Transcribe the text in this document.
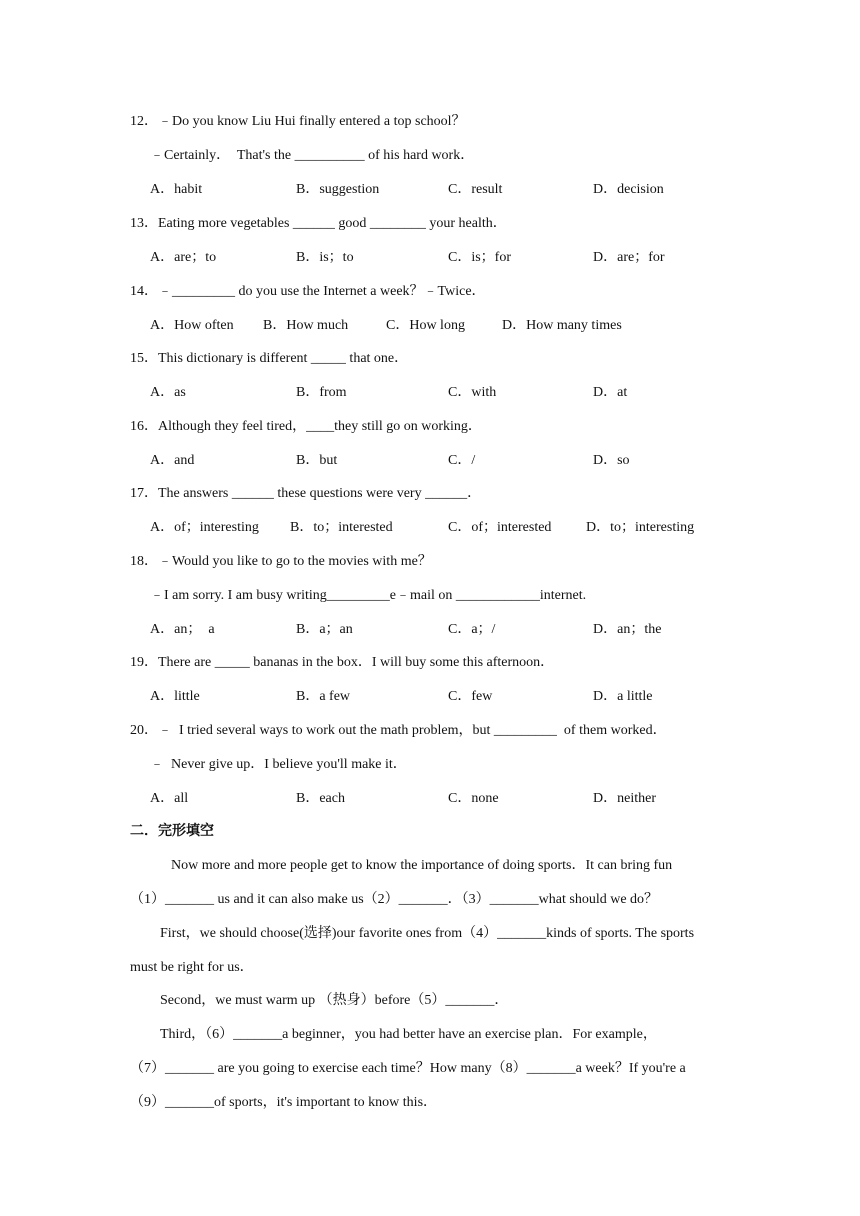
12．﹣Do you know Liu Hui finally entered a top school？
﹣Certainly．  That's the __________ of his hard work．
A．habit	B．suggestion	C．result	D．decision
13．Eating more vegetables ______ good ________ your health．
A．are；to	B．is；to	C．is；for	D．are；for
14．﹣_________ do you use the Internet a week？﹣Twice．
A．How often B．How much	C．How long	D．How many times
15．This dictionary is different _____ that one．
A．as	B．from	C．with	D．at
16．Although they feel tired，____they still go on working．
A．and	B．but	C．/	D．so
17．The answers ______ these questions were very ______．
A．of；interesting B．to；interested	C．of；interested D．to；interesting
18．﹣Would you like to go to the movies with me？
﹣I am sorry. I am busy writing_________e﹣mail on ____________internet.
A．an；  a	B．a；an	C．a；/	D．an；the
19．There are _____ bananas in the box．I will buy some this afternoon．
A．little	B．a few	C．few	D．a little
20．﹣  I tried several ways to work out the math problem，but _________  of them worked．
﹣  Never give up．I believe you'll make it．
A．all	B．each	C．none	D．neither
二．完形填空
Now more and more people get to know the importance of doing sports．It can bring fun
（1）_______ us and it can also make us（2）_______．（3）_______what should we do？
First，we should choose(选择)our favorite ones from（4）_______kinds of sports. The sports
must be right for us．
Second，we must warm up （热身）before（5）_______．
Third，（6）_______a beginner，you had better have an exercise plan．For example，
（7）_______ are you going to exercise each time？How many（8）_______a week？If you're a
（9）_______of sports，it's important to know this．
